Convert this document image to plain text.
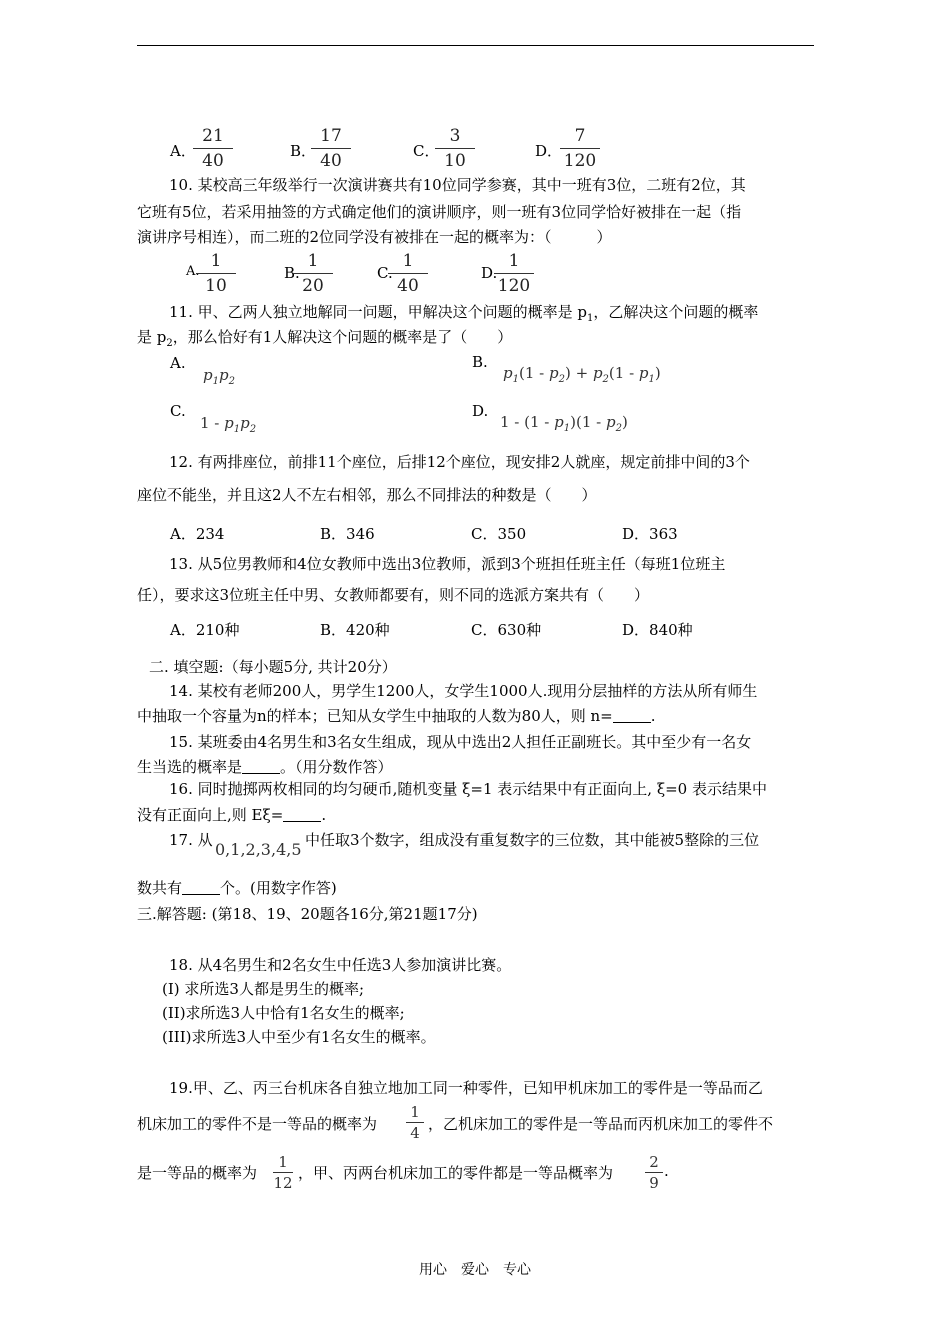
A．
21
40	B．
17
40	C．
3
10	D．
7
120
10. 某校高三年级举行一次演讲赛共有10位同学参赛，其中一班有3位，二班有2位，其
它班有5位，若采用抽签的方式确定他们的演讲顺序，则一班有3位同学恰好被排在一起（指
演讲序号相连），而二班的2位同学没有被排在一起的概率为：（　　　）
A.
1
10
B.
1
20
C.
1
40
D.
1
120
11. 甲、乙两人独立地解同一问题，甲解决这个问题的概率是 $p_1$，乙解决这个问题的概率
是 $p_2$，那么恰好有1人解决这个问题的概率是了（　　）
A.
$p_1p_2$
B.
$p_1(1 - p_2) + p_2(1 - p_1)$
C.
$1 - p_1p_2$
D.
$1 - (1 - p_1)(1 - p_2)$
12. 有两排座位，前排11个座位，后排12个座位，现安排2人就座，规定前排中间的3个
座位不能坐，并且这2人不左右相邻，那么不同排法的种数是（　　）
A．234	B．346	C．350	D．363
13. 从5位男教师和4位女教师中选出3位教师，派到3个班担任班主任（每班1位班主
任），要求这3位班主任中男、女教师都要有，则不同的选派方案共有（　　）
A．210种	B．420种	C．630种	D．840种
二. 填空题:（每小题5分, 共计20分）
14. 某校有老师200人，男学生1200人，女学生1000人.现用分层抽样的方法从所有师生
中抽取一个容量为n的样本；已知从女学生中抽取的人数为80人，则 n=	.
15. 某班委由4名男生和3名女生组成，现从中选出2人担任正副班长。其中至少有一名女
生当选的概率是	。（用分数作答）
16. 同时抛掷两枚相同的均匀硬币,随机变量 ξ=1 表示结果中有正面向上, ξ=0 表示结果中
没有正面向上,则 Eξ=	.
17. 从 0,1,2,3,4,5 中任取3个数字，组成没有重复数字的三位数，其中能被5整除的三位
数共有	个。(用数字作答)
三.解答题: (第18、19、20题各16分,第21题17分)
18. 从4名男生和2名女生中任选3人参加演讲比赛。
(I) 求所选3人都是男生的概率;
(II)求所选3人中恰有1名女生的概率;
(III)求所选3人中至少有1名女生的概率。
19.甲、乙、丙三台机床各自独立地加工同一种零件，已知甲机床加工的零件是一等品而乙
机床加工的零件不是一等品的概率为
1
4 ，乙机床加工的零件是一等品而丙机床加工的零件不
是一等品的概率为
1
12
，甲、丙两台机床加工的零件都是一等品概率为
2
9
.
用心　爱心　专心
